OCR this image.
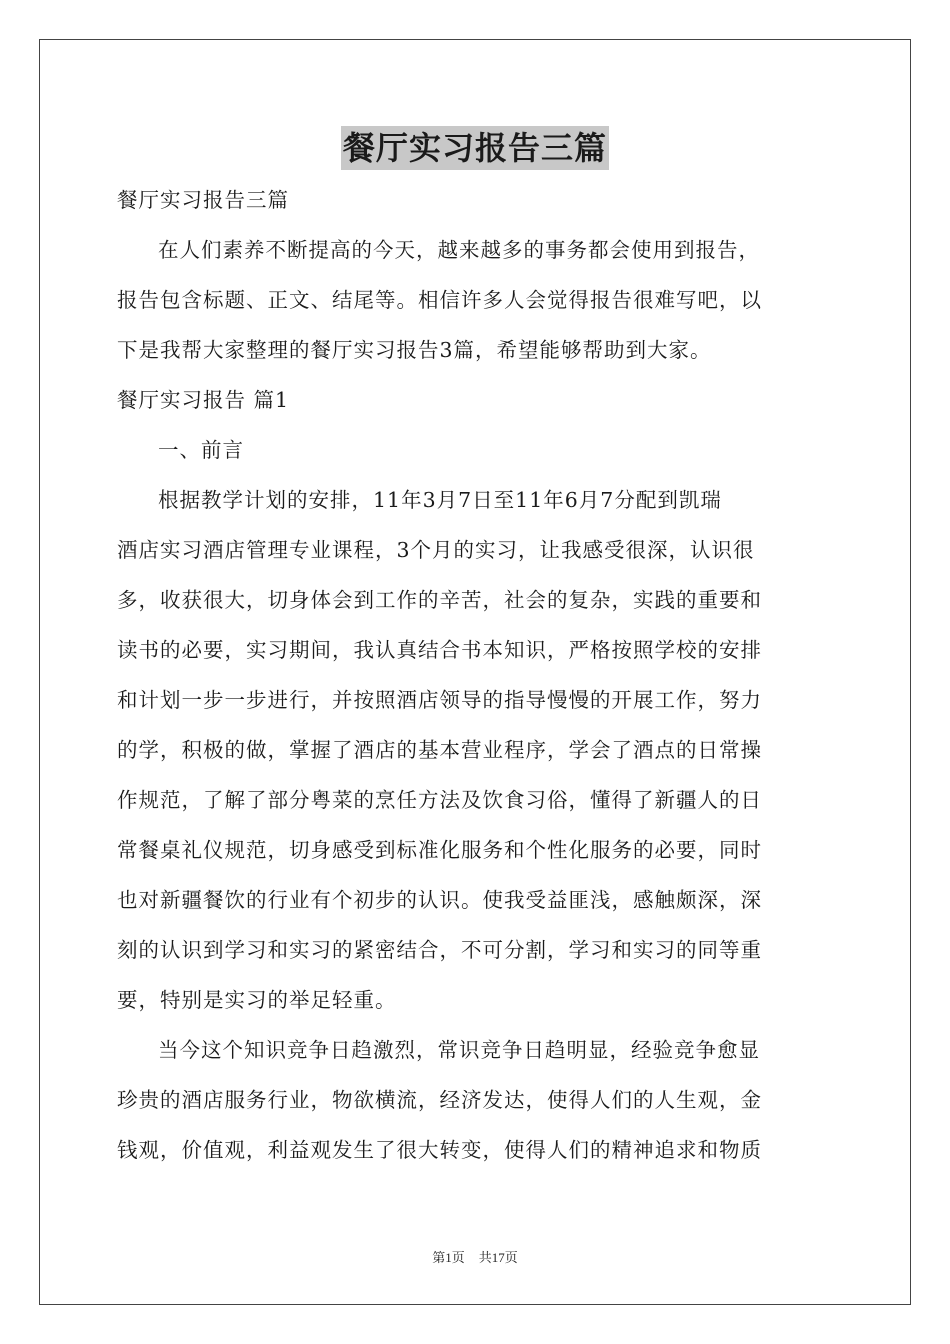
餐厅实习报告三篇

餐厅实习报告三篇

在人们素养不断提高的今天，越来越多的事务都会使用到报告，

报告包含标题、正文、结尾等。相信许多人会觉得报告很难写吧，以

下是我帮大家整理的餐厅实习报告3篇，希望能够帮助到大家。

餐厅实习报告 篇1

一、前言

根据教学计划的安排，11年3月7日至11年6月7分配到凯瑞

酒店实习酒店管理专业课程，3个月的实习，让我感受很深，认识很

多，收获很大，切身体会到工作的辛苦，社会的复杂，实践的重要和

读书的必要，实习期间，我认真结合书本知识，严格按照学校的安排

和计划一步一步进行，并按照酒店领导的指导慢慢的开展工作，努力

的学，积极的做，掌握了酒店的基本营业程序，学会了酒点的日常操

作规范，了解了部分粤菜的烹任方法及饮食习俗，懂得了新疆人的日

常餐桌礼仪规范，切身感受到标准化服务和个性化服务的必要，同时

也对新疆餐饮的行业有个初步的认识。使我受益匪浅，感触颇深，深

刻的认识到学习和实习的紧密结合，不可分割，学习和实习的同等重

要，特别是实习的举足轻重。

当今这个知识竞争日趋激烈，常识竞争日趋明显，经验竞争愈显

珍贵的酒店服务行业，物欲横流，经济发达，使得人们的人生观，金

钱观，价值观，利益观发生了很大转变，使得人们的精神追求和物质

第1页 共17页
